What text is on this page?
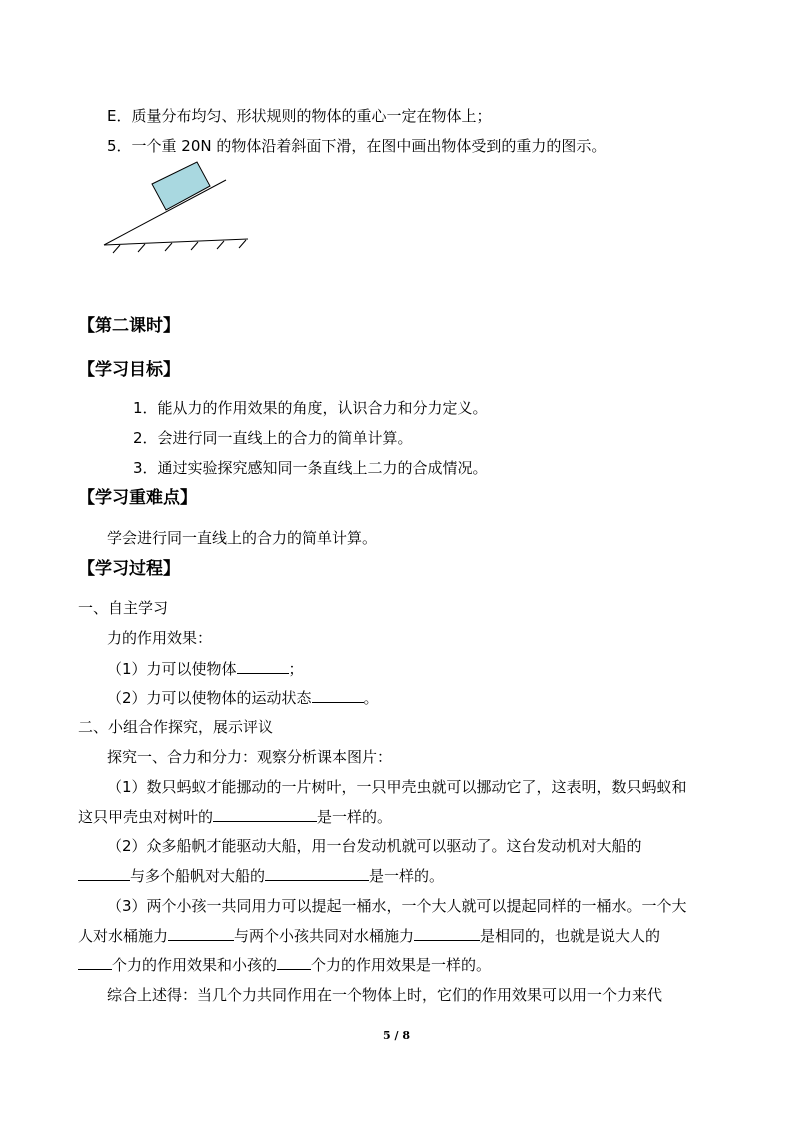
E．质量分布均匀、形状规则的物体的重心一定在物体上；
5．一个重 20N 的物体沿着斜面下滑，在图中画出物体受到的重力的图示。
【第二课时】
【学习目标】
1．能从力的作用效果的角度，认识合力和分力定义。
2．会进行同一直线上的合力的简单计算。
3．通过实验探究感知同一条直线上二力的合成情况。
【学习重难点】
学会进行同一直线上的合力的简单计算。
【学习过程】
一、自主学习
力的作用效果：
（1）力可以使物体	；
（2）力可以使物体的运动状态	。
二、小组合作探究，展示评议
探究一、合力和分力：观察分析课本图片：
（1）数只蚂蚁才能挪动的一片树叶，一只甲壳虫就可以挪动它了，这表明，数只蚂蚁和
这只甲壳虫对树叶的	是一样的。
（2）众多船帆才能驱动大船，用一台发动机就可以驱动了。这台发动机对大船的
与多个船帆对大船的	是一样的。
（3）两个小孩一共同用力可以提起一桶水，一个大人就可以提起同样的一桶水。一个大
人对水桶施力	与两个小孩共同对水桶施力	是相同的，也就是说大人的
个力的作用效果和小孩的 个力的作用效果是一样的。
综合上述得：当几个力共同作用在一个物体上时，它们的作用效果可以用一个力来代
5 / 8
